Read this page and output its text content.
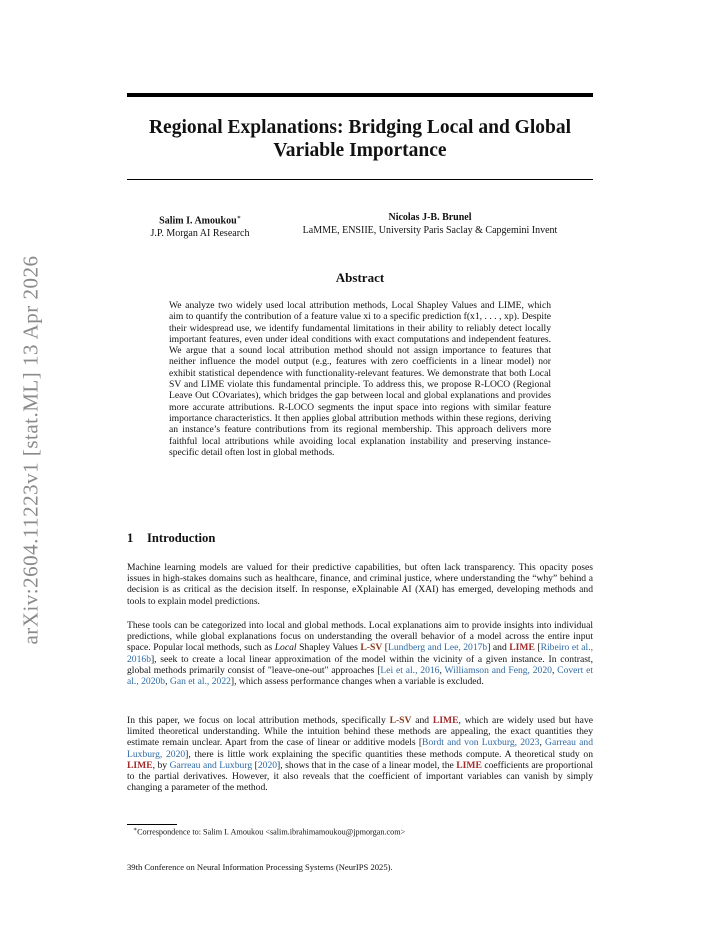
arXiv:2604.11223v1 [stat.ML] 13 Apr 2026
Regional Explanations: Bridging Local and Global Variable Importance
Salim I. Amoukou∗
J.P. Morgan AI Research
Nicolas J-B. Brunel
LaMME, ENSIIE, University Paris Saclay & Capgemini Invent
Abstract
We analyze two widely used local attribution methods, Local Shapley Values and LIME, which aim to quantify the contribution of a feature value xi to a specific prediction f(x1, . . . , xp). Despite their widespread use, we identify fundamental limitations in their ability to reliably detect locally important features, even under ideal conditions with exact computations and independent features. We argue that a sound local attribution method should not assign importance to features that neither influence the model output (e.g., features with zero coefficients in a linear model) nor exhibit statistical dependence with functionality-relevant features. We demonstrate that both Local SV and LIME violate this fundamental principle. To address this, we propose R-LOCO (Regional Leave Out COvariates), which bridges the gap between local and global explanations and provides more accurate attributions. R-LOCO segments the input space into regions with similar feature importance characteristics. It then applies global attribution methods within these regions, deriving an instance’s feature contributions from its regional membership. This approach delivers more faithful local attributions while avoiding local explanation instability and preserving instance-specific detail often lost in global methods.
1 Introduction
Machine learning models are valued for their predictive capabilities, but often lack transparency. This opacity poses issues in high-stakes domains such as healthcare, finance, and criminal justice, where understanding the “why” behind a decision is as critical as the decision itself. In response, eXplainable AI (XAI) has emerged, developing methods and tools to explain model predictions.
These tools can be categorized into local and global methods. Local explanations aim to provide insights into individual predictions, while global explanations focus on understanding the overall behavior of a model across the entire input space. Popular local methods, such as Local Shapley Values L-SV [Lundberg and Lee, 2017b] and LIME [Ribeiro et al., 2016b], seek to create a local linear approximation of the model within the vicinity of a given instance. In contrast, global methods primarily consist of "leave-one-out" approaches [Lei et al., 2016, Williamson and Feng, 2020, Covert et al., 2020b, Gan et al., 2022], which assess performance changes when a variable is excluded.
In this paper, we focus on local attribution methods, specifically L-SV and LIME, which are widely used but have limited theoretical understanding. While the intuition behind these methods are appealing, the exact quantities they estimate remain unclear. Apart from the case of linear or additive models [Bordt and von Luxburg, 2023, Garreau and Luxburg, 2020], there is little work explaining the specific quantities these methods compute. A theoretical study on LIME, by Garreau and Luxburg [2020], shows that in the case of a linear model, the LIME coefficients are proportional to the partial derivatives. However, it also reveals that the coefficient of important variables can vanish by simply changing a parameter of the method.
∗Correspondence to: Salim I. Amoukou <salim.ibrahimamoukou@jpmorgan.com>
39th Conference on Neural Information Processing Systems (NeurIPS 2025).
